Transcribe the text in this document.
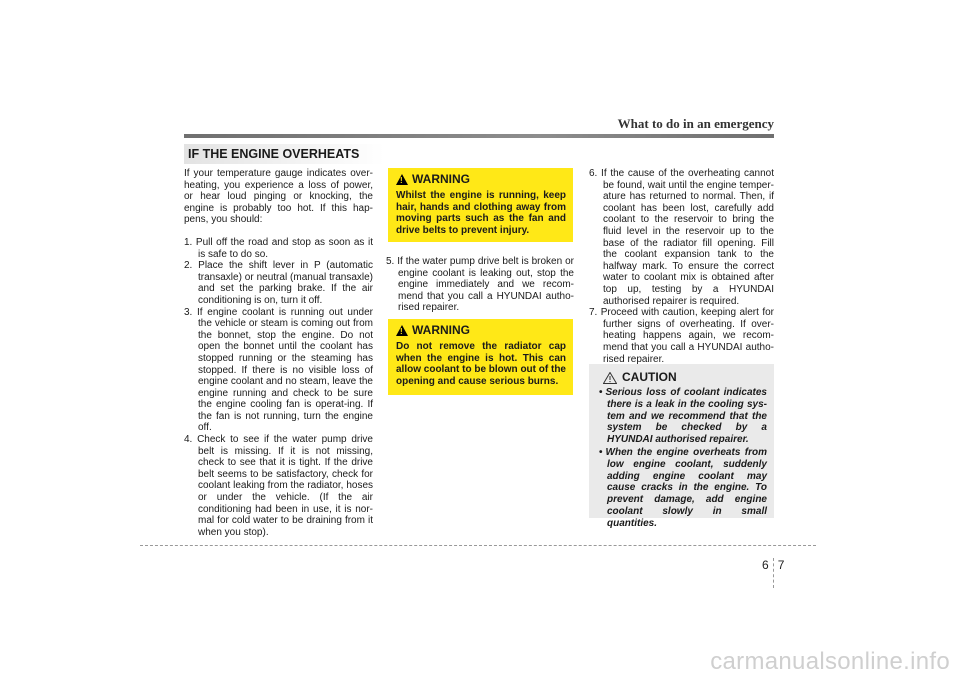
What to do in an emergency
IF THE ENGINE OVERHEATS

If your temperature gauge indicates over-heating, you experience a loss of power, or hear loud pinging or knocking, the engine is probably too hot. If this hap-pens, you should:

1. Pull off the road and stop as soon as it is safe to do so.
2. Place the shift lever in P (automatic transaxle) or neutral (manual transaxle) and set the parking brake. If the air conditioning is on, turn it off.
3. If engine coolant is running out under the vehicle or steam is coming out from the bonnet, stop the engine. Do not open the bonnet until the coolant has stopped running or the steaming has stopped. If there is no visible loss of engine coolant and no steam, leave the engine running and check to be sure the engine cooling fan is operat-ing. If the fan is not running, turn the engine off.
4. Check to see if the water pump drive belt is missing. If it is not missing, check to see that it is tight. If the drive belt seems to be satisfactory, check for coolant leaking from the radiator, hoses or under the vehicle. (If the air conditioning had been in use, it is nor-mal for cold water to be draining from it when you stop).
!
WARNING
Whilst the engine is running, keep hair, hands and clothing away from moving parts such as the fan and drive belts to prevent injury.
5. If the water pump drive belt is broken or engine coolant is leaking out, stop the engine immediately and we recom-mend that you call a HYUNDAI autho-rised repairer.
!
WARNING
Do not remove the radiator cap when the engine is hot. This can allow coolant to be blown out of the opening and cause serious burns.
6. If the cause of the overheating cannot be found, wait until the engine temper-ature has returned to normal. Then, if coolant has been lost, carefully add coolant to the reservoir to bring the fluid level in the reservoir up to the base of the radiator fill opening. Fill the coolant expansion tank to the halfway mark. To ensure the correct water to coolant mix is obtained after top up, testing by a HYUNDAI authorised repairer is required.
7. Proceed with caution, keeping alert for further signs of overheating. If over-heating happens again, we recom-mend that you call a HYUNDAI autho-rised repairer.
CAUTION
• Serious loss of coolant indicates there is a leak in the cooling sys-tem and we recommend that the system be checked by a HYUNDAI authorised repairer.
• When the engine overheats from low engine coolant, suddenly adding engine coolant may cause cracks in the engine. To prevent damage, add engine coolant slowly in small quantities.
6 7
carmanualsonline.info
